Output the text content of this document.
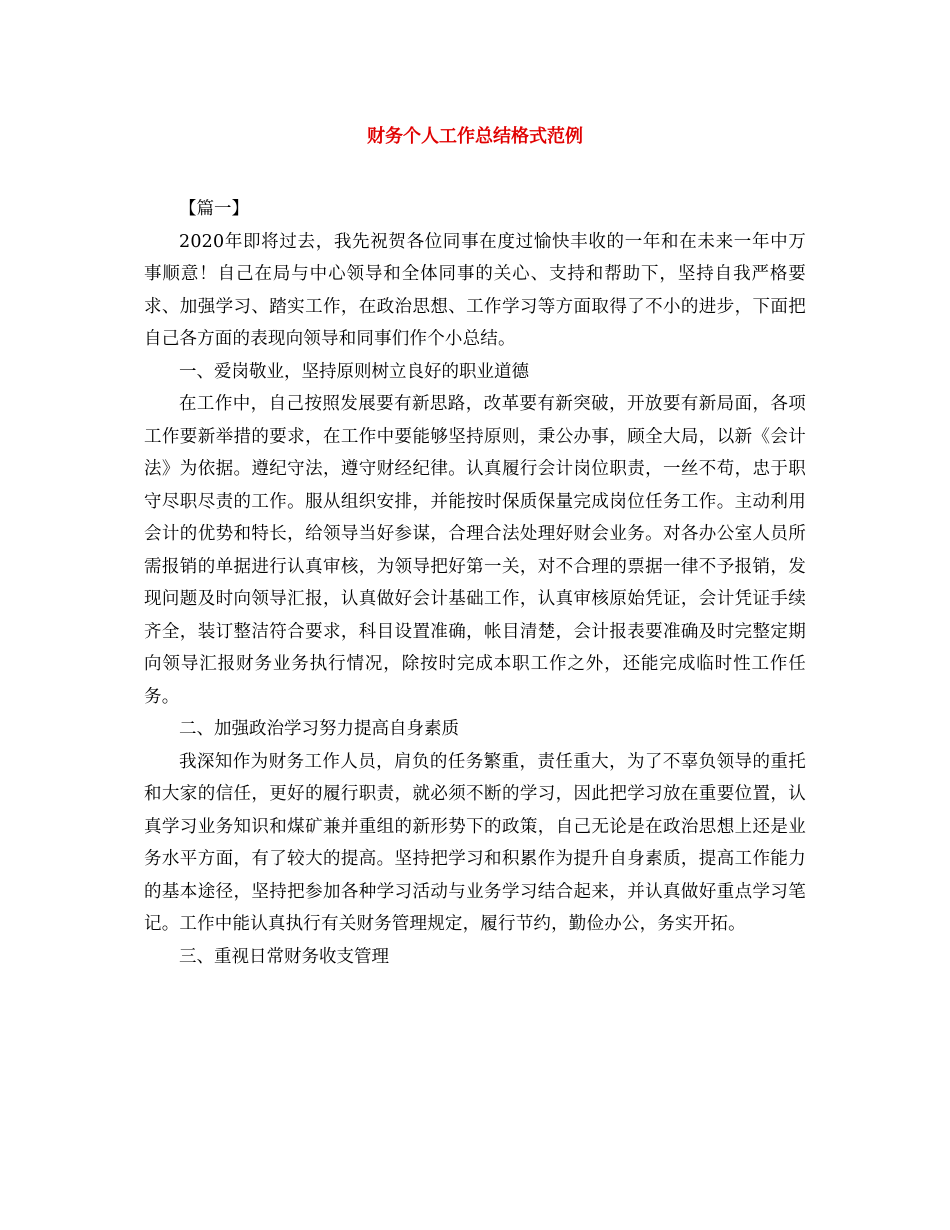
财务个人工作总结格式范例

【篇一】

2020年即将过去，我先祝贺各位同事在度过愉快丰收的一年和在未来一年中万事顺意！自己在局与中心领导和全体同事的关心、支持和帮助下，坚持自我严格要求、加强学习、踏实工作，在政治思想、工作学习等方面取得了不小的进步，下面把自己各方面的表现向领导和同事们作个小总结。

一、爱岗敬业，坚持原则树立良好的职业道德

在工作中，自己按照发展要有新思路，改革要有新突破，开放要有新局面，各项工作要新举措的要求，在工作中要能够坚持原则，秉公办事，顾全大局，以新《会计法》为依据。遵纪守法，遵守财经纪律。认真履行会计岗位职责，一丝不苟，忠于职守尽职尽责的工作。服从组织安排，并能按时保质保量完成岗位任务工作。主动利用会计的优势和特长，给领导当好参谋，合理合法处理好财会业务。对各办公室人员所需报销的单据进行认真审核，为领导把好第一关，对不合理的票据一律不予报销，发现问题及时向领导汇报，认真做好会计基础工作，认真审核原始凭证，会计凭证手续齐全，装订整洁符合要求，科目设置准确，帐目清楚，会计报表要准确及时完整定期向领导汇报财务业务执行情况，除按时完成本职工作之外，还能完成临时性工作任务。

二、加强政治学习努力提高自身素质

我深知作为财务工作人员，肩负的任务繁重，责任重大，为了不辜负领导的重托和大家的信任，更好的履行职责，就必须不断的学习，因此把学习放在重要位置，认真学习业务知识和煤矿兼并重组的新形势下的政策，自己无论是在政治思想上还是业务水平方面，有了较大的提高。坚持把学习和积累作为提升自身素质，提高工作能力的基本途径，坚持把参加各种学习活动与业务学习结合起来，并认真做好重点学习笔记。工作中能认真执行有关财务管理规定，履行节约，勤俭办公，务实开拓。

三、重视日常财务收支管理
